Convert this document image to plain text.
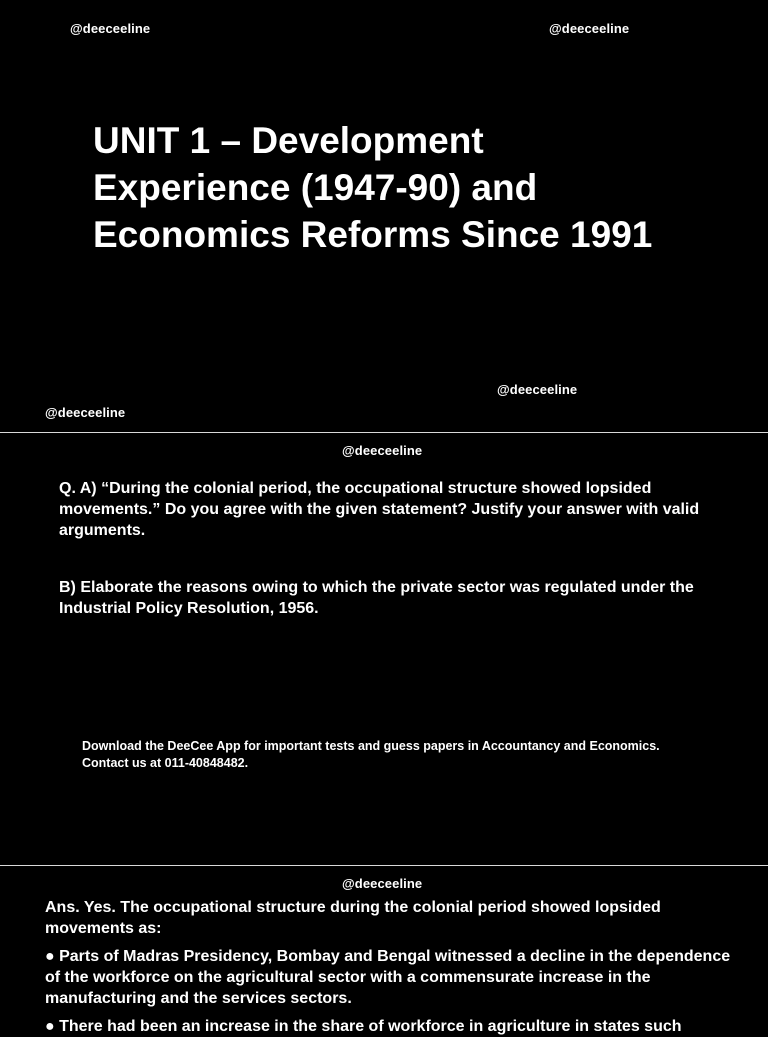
@deeceeline	@deeceeline
UNIT 1 – Development
Experience (1947-90) and
Economics Reforms Since 1991
@deeceeline
@deeceeline
@deeceeline

Q. A) “During the colonial period, the occupational structure showed lopsided movements.” Do you agree with the given statement? Justify your answer with valid arguments.

B) Elaborate the reasons owing to which the private sector was regulated under the Industrial Policy Resolution, 1956.

Download the DeeCee App for important tests and guess papers in Accountancy and Economics.

Contact us at 011-40848482.

@deeceeline

Ans. Yes. The occupational structure during the colonial period showed lopsided movements as:

● Parts of Madras Presidency, Bombay and Bengal witnessed a decline in the dependence of the workforce on the agricultural sector with a commensurate increase in the manufacturing and the services sectors.

● There had been an increase in the share of workforce in agriculture in states such
